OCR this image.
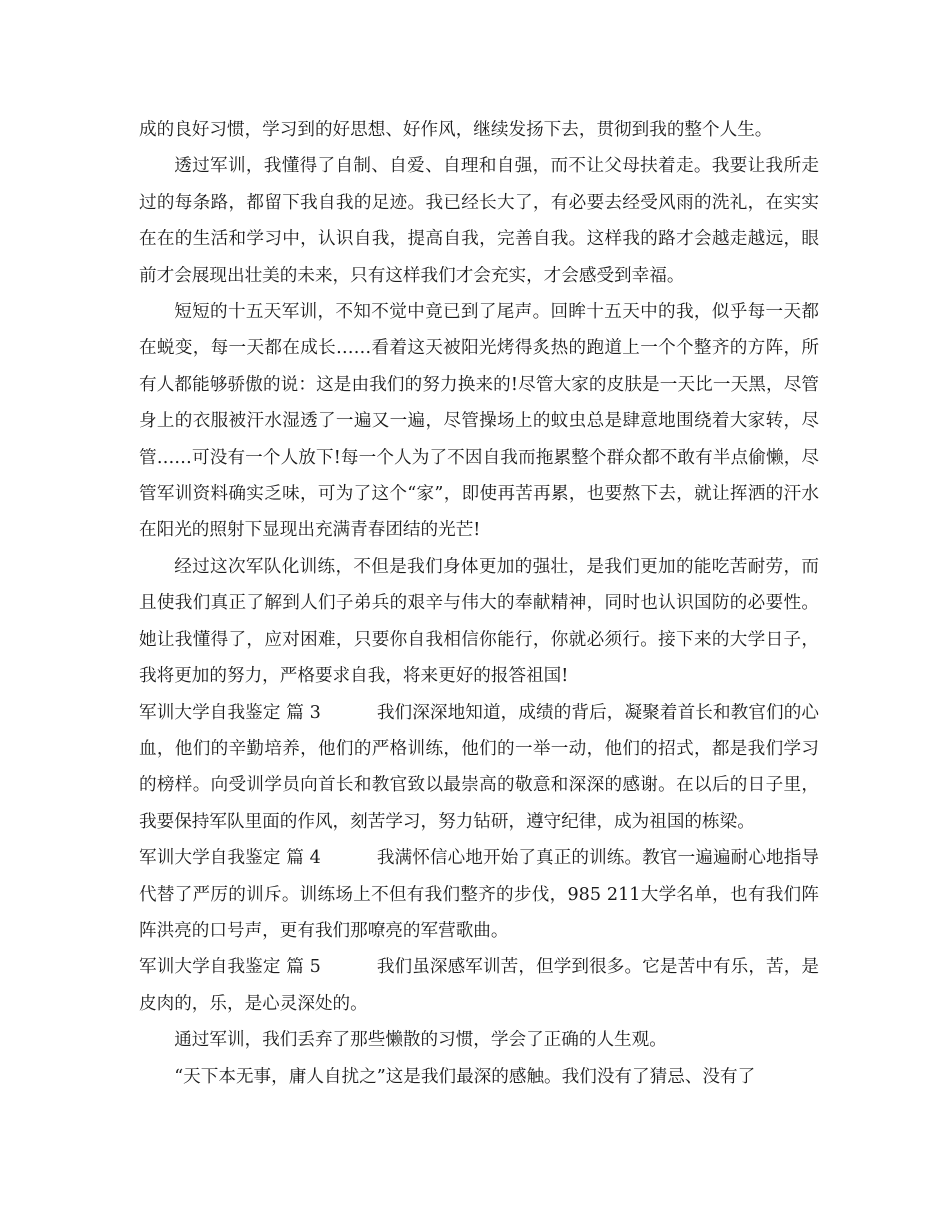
成的良好习惯，学习到的好思想、好作风，继续发扬下去，贯彻到我的整个人生。

透过军训，我懂得了自制、自爱、自理和自强，而不让父母扶着走。我要让我所走过的每条路，都留下我自我的足迹。我已经长大了，有必要去经受风雨的洗礼，在实实在在的生活和学习中，认识自我，提高自我，完善自我。这样我的路才会越走越远，眼前才会展现出壮美的未来，只有这样我们才会充实，才会感受到幸福。

短短的十五天军训，不知不觉中竟已到了尾声。回眸十五天中的我，似乎每一天都在蜕变，每一天都在成长……看着这天被阳光烤得炙热的跑道上一个个整齐的方阵，所有人都能够骄傲的说：这是由我们的努力换来的!尽管大家的皮肤是一天比一天黑，尽管身上的衣服被汗水湿透了一遍又一遍，尽管操场上的蚊虫总是肆意地围绕着大家转，尽管……可没有一个人放下!每一个人为了不因自我而拖累整个群众都不敢有半点偷懒，尽管军训资料确实乏味，可为了这个“家”，即使再苦再累，也要熬下去，就让挥洒的汗水在阳光的照射下显现出充满青春团结的光芒!

经过这次军队化训练，不但是我们身体更加的强壮，是我们更加的能吃苦耐劳，而且使我们真正了解到人们子弟兵的艰辛与伟大的奉献精神，同时也认识国防的必要性。她让我懂得了，应对困难，只要你自我相信你能行，你就必须行。接下来的大学日子，我将更加的努力，严格要求自我，将来更好的报答祖国!

军训大学自我鉴定 篇 3	我们深深地知道，成绩的背后，凝聚着首长和教官们的心血，他们的辛勤培养，他们的严格训练，他们的一举一动，他们的招式，都是我们学习的榜样。向受训学员向首长和教官致以最崇高的敬意和深深的感谢。在以后的日子里，我要保持军队里面的作风，刻苦学习，努力钻研，遵守纪律，成为祖国的栋梁。

军训大学自我鉴定 篇 4	我满怀信心地开始了真正的训练。教官一遍遍耐心地指导代替了严厉的训斥。训练场上不但有我们整齐的步伐，985 211大学名单，也有我们阵阵洪亮的口号声，更有我们那嘹亮的军营歌曲。

军训大学自我鉴定 篇 5	我们虽深感军训苦，但学到很多。它是苦中有乐，苦，是皮肉的，乐，是心灵深处的。

通过军训，我们丢弃了那些懒散的习惯，学会了正确的人生观。

“天下本无事，庸人自扰之”这是我们最深的感触。我们没有了猜忌、没有了
